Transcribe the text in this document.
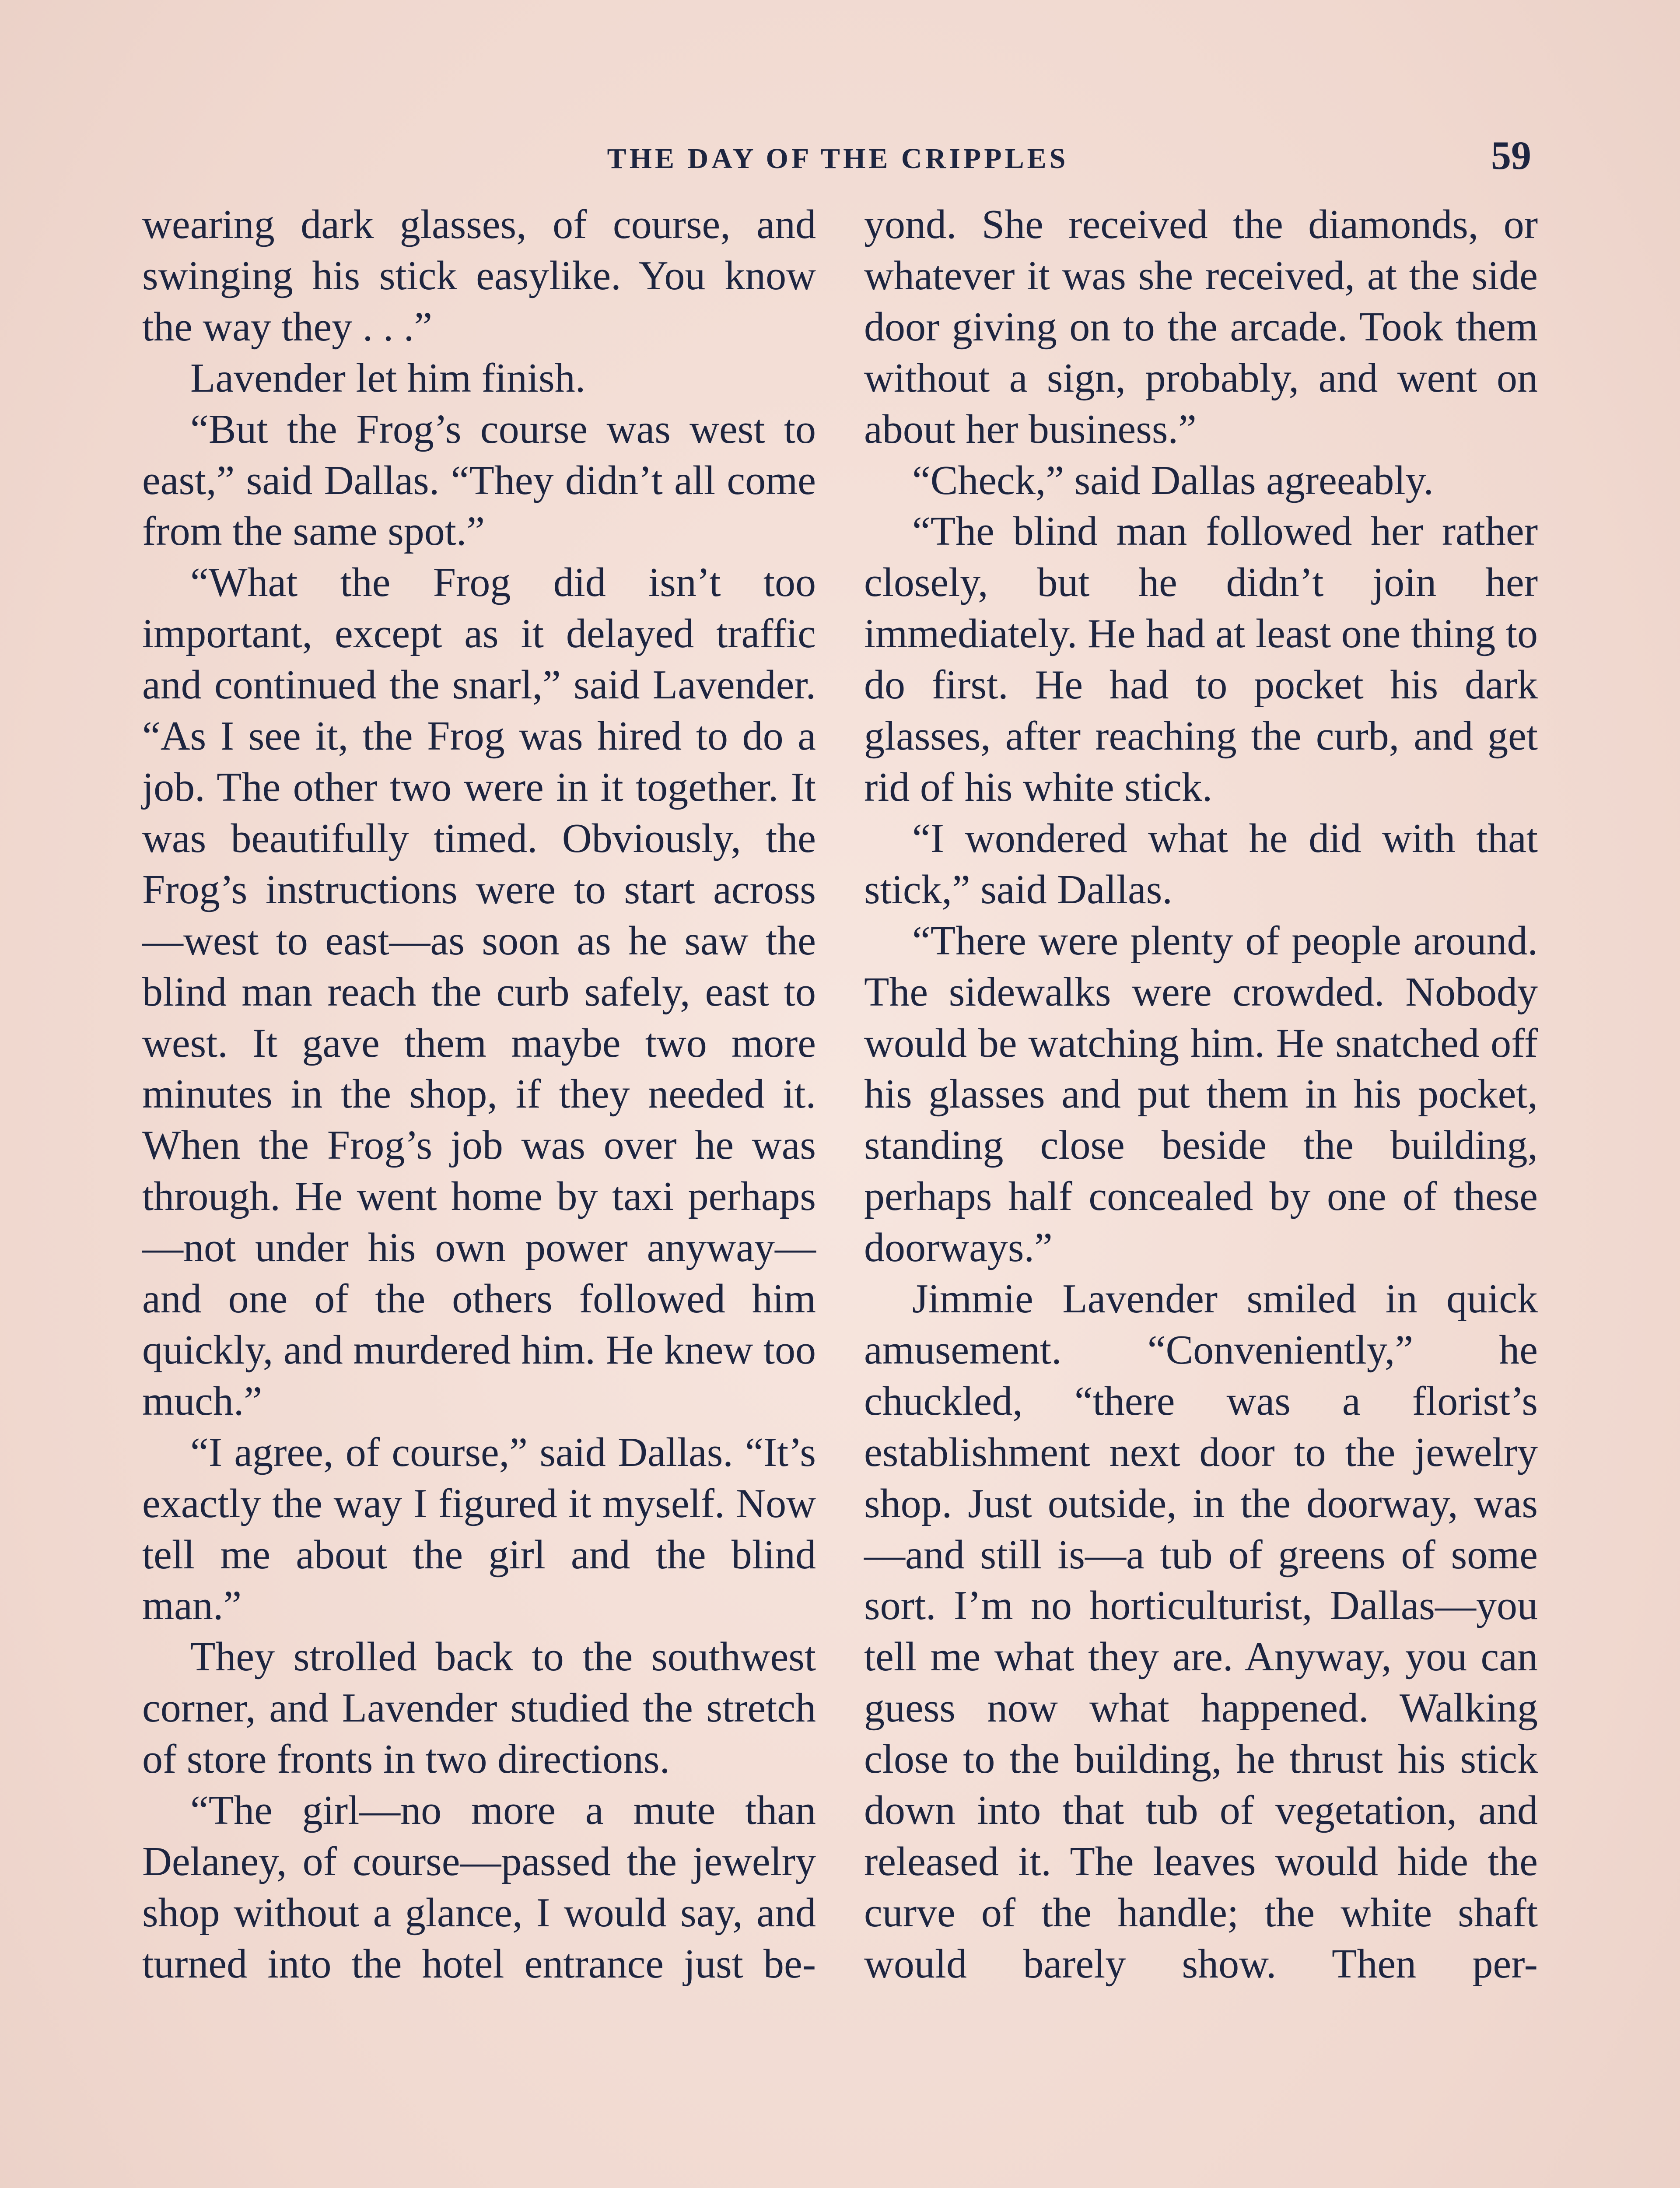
THE DAY OF THE CRIPPLES	59

wearing dark glasses, of course, and swinging his stick easylike. You know the way they . . .”

Lavender let him finish.

“But the Frog’s course was west to east,” said Dallas. “They didn’t all come from the same spot.”

“What the Frog did isn’t too important, except as it delayed traffic and continued the snarl,” said Lavender. “As I see it, the Frog was hired to do a job. The other two were in it together. It was beautifully timed. Obviously, the Frog’s instructions were to start across—west to east—as soon as he saw the blind man reach the curb safely, east to west. It gave them maybe two more minutes in the shop, if they needed it. When the Frog’s job was over he was through. He went home by taxi perhaps—not under his own power anyway—and one of the others followed him quickly, and murdered him. He knew too much.”

“I agree, of course,” said Dallas. “It’s exactly the way I figured it myself. Now tell me about the girl and the blind man.”

They strolled back to the southwest corner, and Lavender studied the stretch of store fronts in two directions.

“The girl—no more a mute than Delaney, of course—passed the jewelry shop without a glance, I would say, and turned into the hotel entrance just be-

yond. She received the diamonds, or whatever it was she received, at the side door giving on to the arcade. Took them without a sign, probably, and went on about her business.”

“Check,” said Dallas agreeably.

“The blind man followed her rather closely, but he didn’t join her immediately. He had at least one thing to do first. He had to pocket his dark glasses, after reaching the curb, and get rid of his white stick.

“I wondered what he did with that stick,” said Dallas.

“There were plenty of people around. The sidewalks were crowded. Nobody would be watching him. He snatched off his glasses and put them in his pocket, standing close beside the building, perhaps half concealed by one of these doorways.”

Jimmie Lavender smiled in quick amusement. “Conveniently,” he chuckled, “there was a florist’s establishment next door to the jewelry shop. Just outside, in the doorway, was—and still is—a tub of greens of some sort. I’m no horticulturist, Dallas—you tell me what they are. Anyway, you can guess now what happened. Walking close to the building, he thrust his stick down into that tub of vegetation, and released it. The leaves would hide the curve of the handle; the white shaft would barely show. Then per-
